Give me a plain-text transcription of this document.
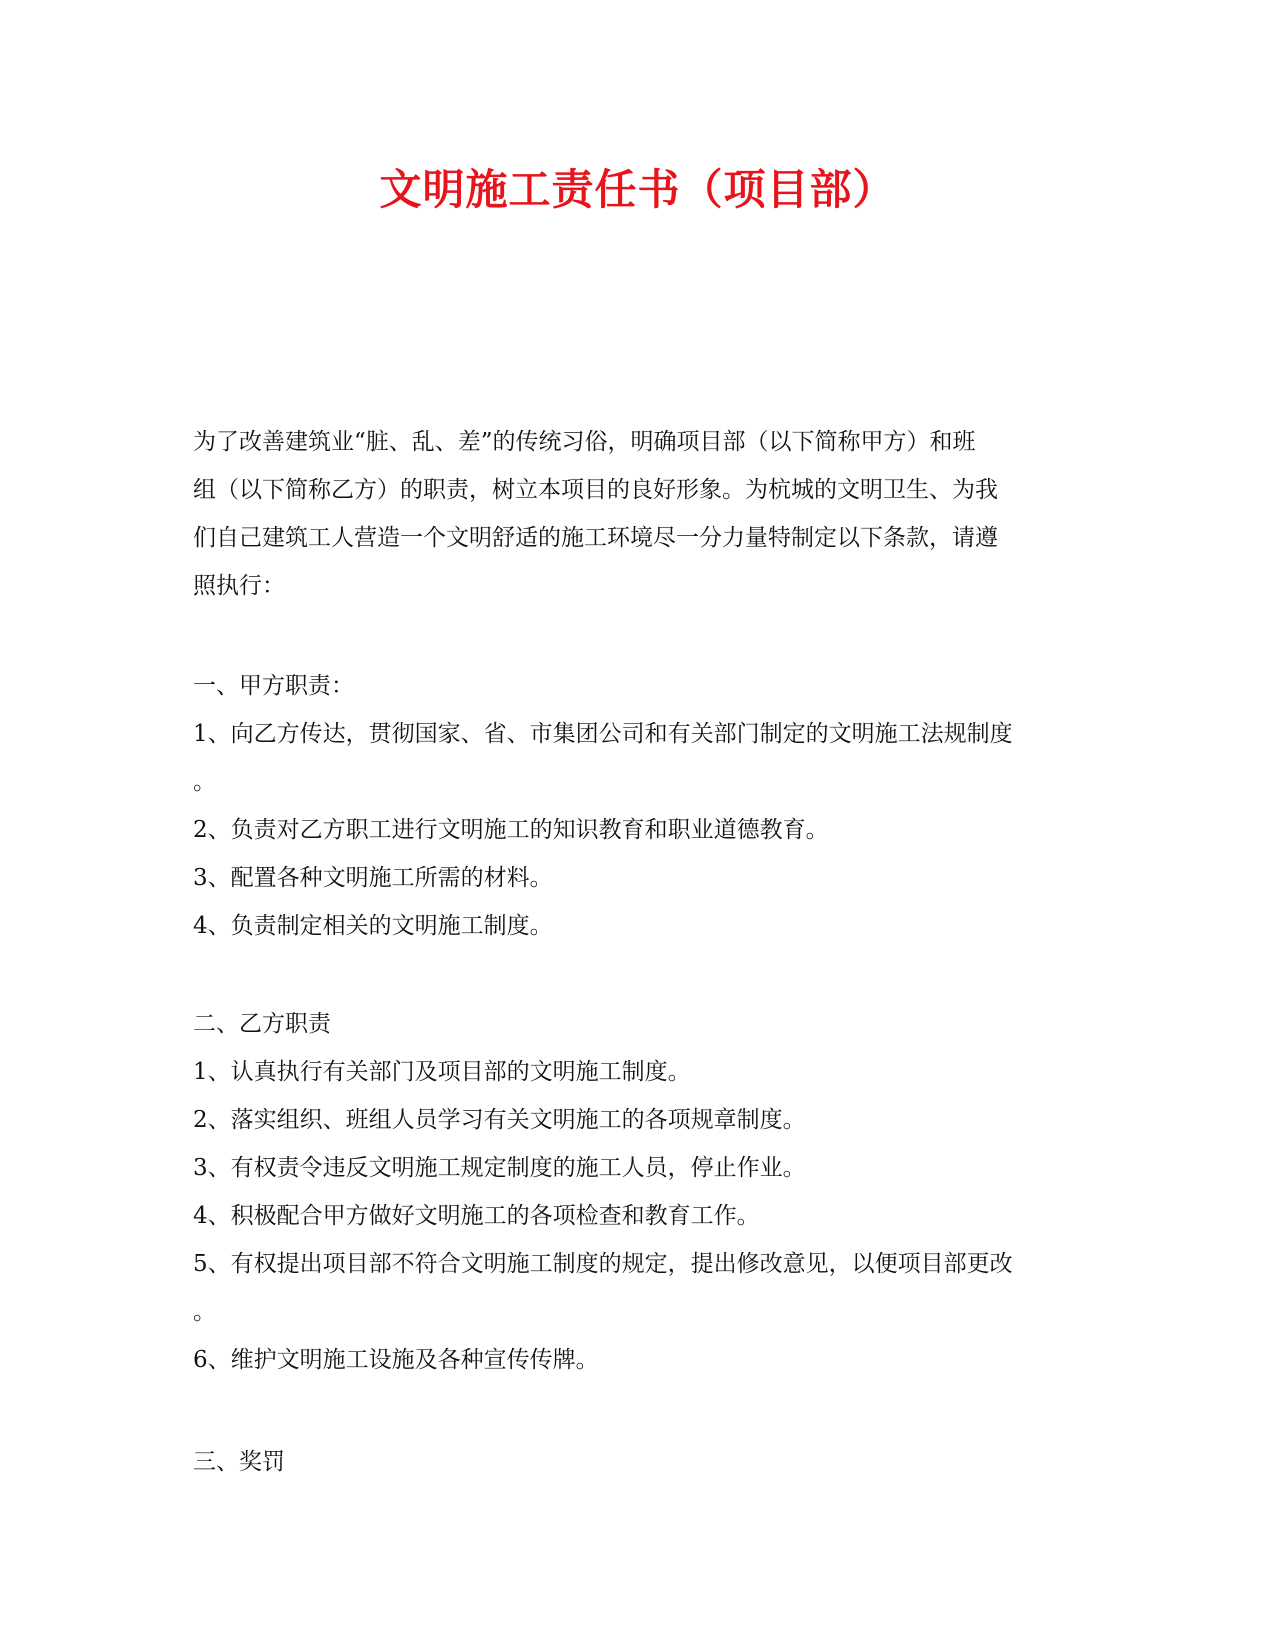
文明施工责任书（项目部）
为了改善建筑业“脏、乱、差”的传统习俗，明确项目部（以下简称甲方）和班
组（以下简称乙方）的职责，树立本项目的良好形象。为杭城的文明卫生、为我
们自己建筑工人营造一个文明舒适的施工环境尽一分力量特制定以下条款，请遵
照执行：
一、甲方职责：
1、向乙方传达，贯彻国家、省、市集团公司和有关部门制定的文明施工法规制度
。
2、负责对乙方职工进行文明施工的知识教育和职业道德教育。
3、配置各种文明施工所需的材料。
4、负责制定相关的文明施工制度。
二、乙方职责
1、认真执行有关部门及项目部的文明施工制度。
2、落实组织、班组人员学习有关文明施工的各项规章制度。
3、有权责令违反文明施工规定制度的施工人员，停止作业。
4、积极配合甲方做好文明施工的各项检查和教育工作。
5、有权提出项目部不符合文明施工制度的规定，提出修改意见，以便项目部更改
。
6、维护文明施工设施及各种宣传传牌。
三、奖罚
